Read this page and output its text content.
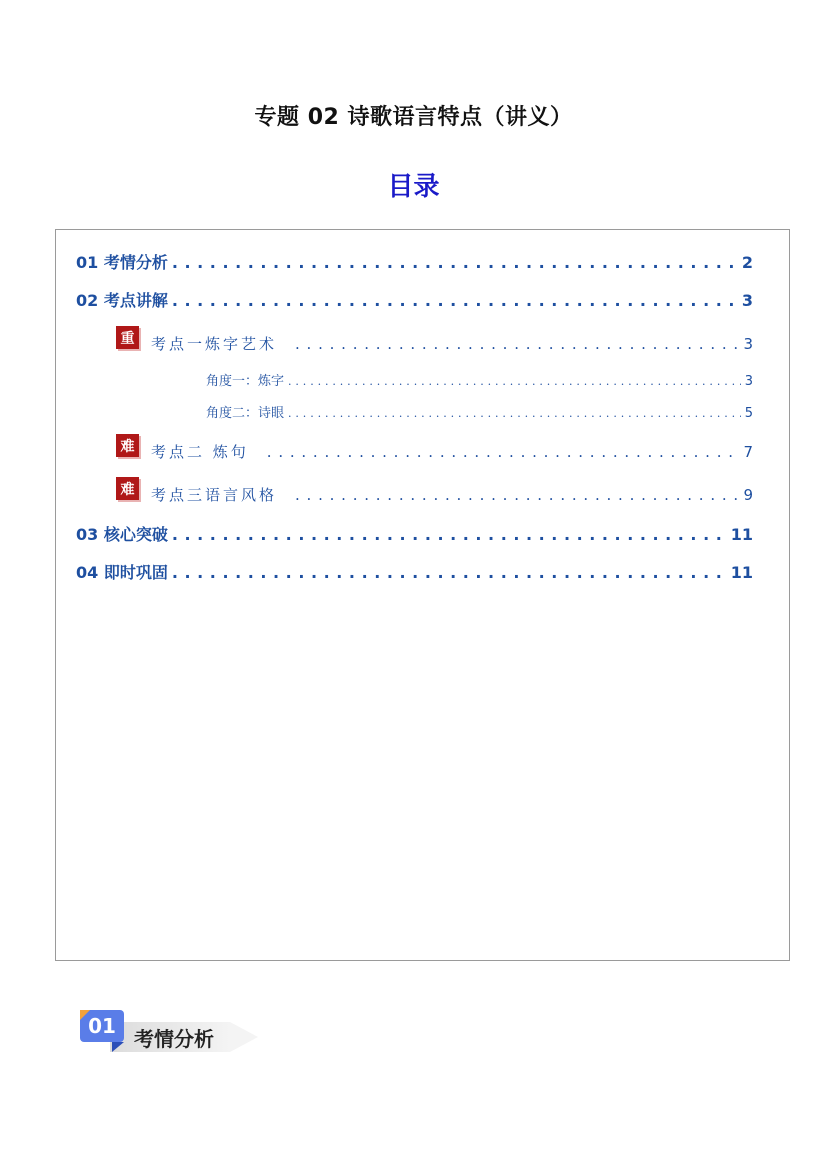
专题 02 诗歌语言特点（讲义）
目录
01 考情分析 . . .	2
02 考点讲解 . . .	3
重	考点一炼字艺术 . . .	3
角度一：炼字 . . .	3
角度二：诗眼 . . .	5
难	考点二 炼句 . . .	7
难	考点三语言风格 . . .	9
03 核心突破 . . .	11
04 即时巩固 . . .	11
01
考情分析
